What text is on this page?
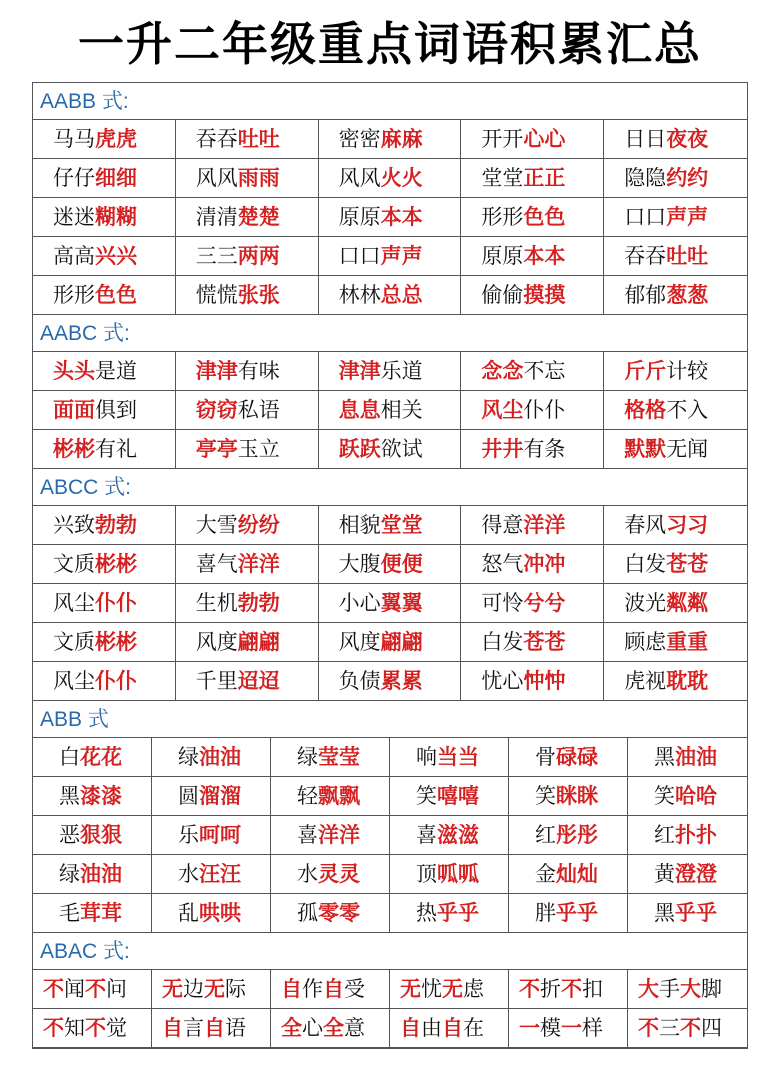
一升二年级重点词语积累汇总
AABB 式:
马马虎虎	吞吞吐吐	密密麻麻	开开心心	日日夜夜
仔仔细细	风风雨雨	风风火火	堂堂正正	隐隐约约
迷迷糊糊	清清楚楚	原原本本	形形色色	口口声声
高高兴兴	三三两两	口口声声	原原本本	吞吞吐吐
形形色色	慌慌张张	林林总总	偷偷摸摸	郁郁葱葱
AABC 式:
头头是道	津津有味	津津乐道	念念不忘	斤斤计较
面面俱到	窃窃私语	息息相关	风尘仆仆	格格不入
彬彬有礼	亭亭玉立	跃跃欲试	井井有条	默默无闻
ABCC 式:
兴致勃勃	大雪纷纷	相貌堂堂	得意洋洋	春风习习
文质彬彬	喜气洋洋	大腹便便	怒气冲冲	白发苍苍
风尘仆仆	生机勃勃	小心翼翼	可怜兮兮	波光粼粼
文质彬彬	风度翩翩	风度翩翩	白发苍苍	顾虑重重
风尘仆仆	千里迢迢	负债累累	忧心忡忡	虎视耽耽
ABB 式
白花花	绿油油	绿莹莹	响当当	骨碌碌	黑油油
黑漆漆	圆溜溜	轻飘飘	笑嘻嘻	笑眯眯	笑哈哈
恶狠狠	乐呵呵	喜洋洋	喜滋滋	红彤彤	红扑扑
绿油油	水汪汪	水灵灵	顶呱呱	金灿灿	黄澄澄
毛茸茸	乱哄哄	孤零零	热乎乎	胖乎乎	黑乎乎
ABAC 式:
不闻不问	无边无际	自作自受	无忧无虑	不折不扣	大手大脚
不知不觉	自言自语	全心全意	自由自在	一模一样	不三不四
